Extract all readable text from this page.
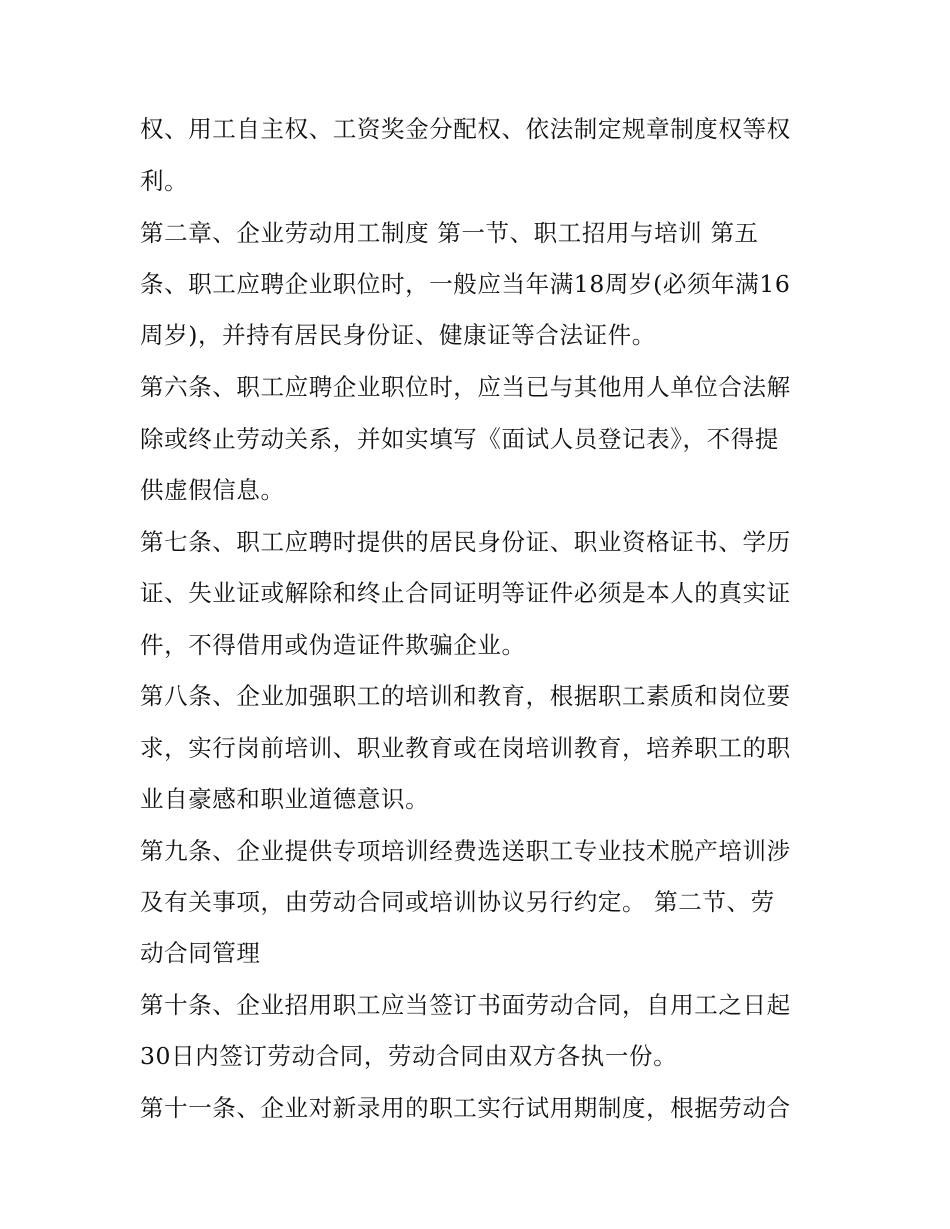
权、用工自主权、工资奖金分配权、依法制定规章制度权等权
利。
第二章、企业劳动用工制度 第一节、职工招用与培训 第五
条、职工应聘企业职位时，一般应当年满18周岁(必须年满16
周岁)，并持有居民身份证、健康证等合法证件。
第六条、职工应聘企业职位时，应当已与其他用人单位合法解
除或终止劳动关系，并如实填写《面试人员登记表》，不得提
供虚假信息。
第七条、职工应聘时提供的居民身份证、职业资格证书、学历
证、失业证或解除和终止合同证明等证件必须是本人的真实证
件，不得借用或伪造证件欺骗企业。
第八条、企业加强职工的培训和教育，根据职工素质和岗位要
求，实行岗前培训、职业教育或在岗培训教育，培养职工的职
业自豪感和职业道德意识。
第九条、企业提供专项培训经费选送职工专业技术脱产培训涉
及有关事项，由劳动合同或培训协议另行约定。 第二节、劳
动合同管理
第十条、企业招用职工应当签订书面劳动合同，自用工之日起
30日内签订劳动合同，劳动合同由双方各执一份。
第十一条、企业对新录用的职工实行试用期制度，根据劳动合
